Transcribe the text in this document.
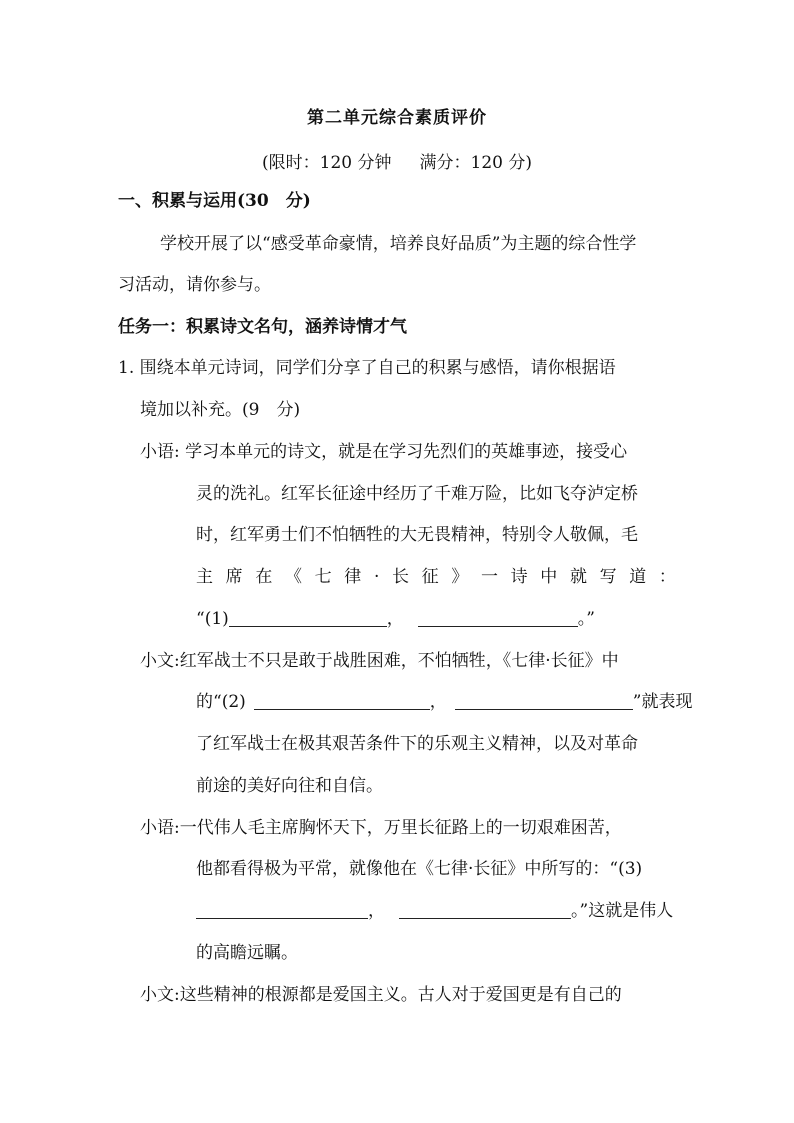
第二单元综合素质评价
(限时：120 分钟 满分：120 分)
一、积累与运用(30　分)
学校开展了以“感受革命豪情，培养良好品质”为主题的综合性学
习活动，请你参与。
任务一：积累诗文名句，涵养诗情才气
1. 围绕本单元诗词，同学们分享了自己的积累与感悟，请你根据语
境加以补充。(9　分)
小语: 学习本单元的诗文，就是在学习先烈们的英雄事迹，接受心
灵的洗礼。红军长征途中经历了千难万险，比如飞夺泸定桥
时，红军勇士们不怕牺牲的大无畏精神，特别令人敬佩，毛
主 席 在 《 七 律 · 长 征 》 一 诗 中 就 写 道 ：
“(1)	，	。”
小文:红军战士不只是敢于战胜困难，不怕牺牲，《七律·长征》中
的“(2)	，	”就表现
了红军战士在极其艰苦条件下的乐观主义精神，以及对革命
前途的美好向往和自信。
小语:一代伟人毛主席胸怀天下，万里长征路上的一切艰难困苦，
他都看得极为平常，就像他在《七律·长征》中所写的：“(3)
，	。”这就是伟人
的高瞻远瞩。
小文:这些精神的根源都是爱国主义。古人对于爱国更是有自己的
